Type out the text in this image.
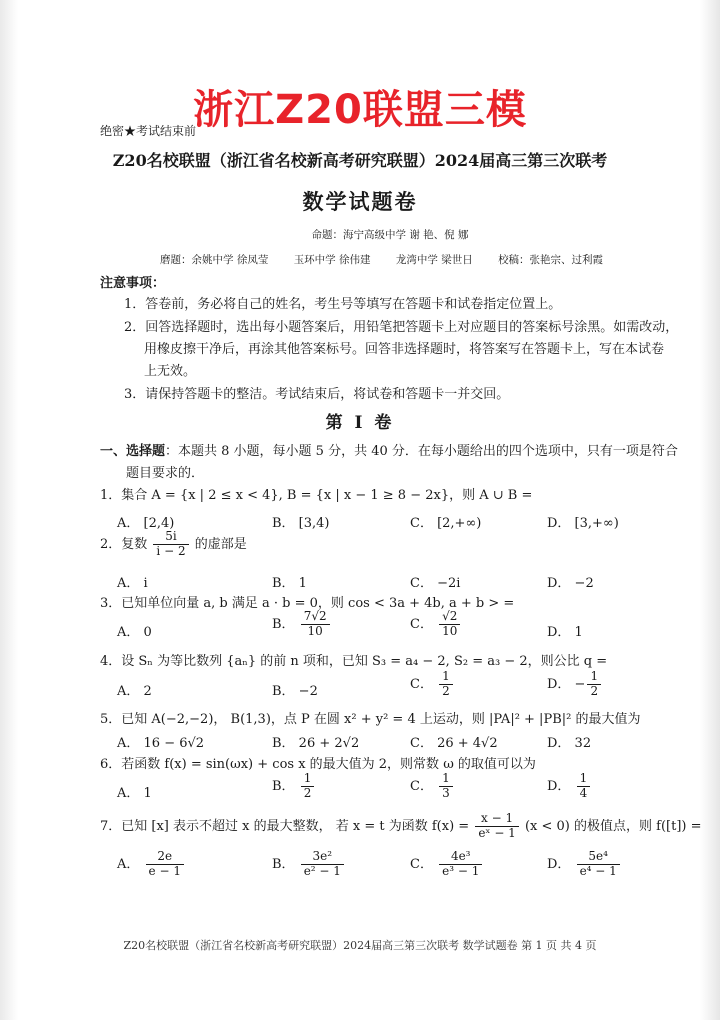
浙江Z20联盟三模
绝密★考试结束前
Z20名校联盟（浙江省名校新高考研究联盟）2024届高三第三次联考
数学试题卷
命题：海宁高级中学 谢 艳、倪 娜
磨题：余姚中学 徐凤莹 玉环中学 徐伟建 龙湾中学 梁世日 校稿：张艳宗、过利霞
注意事项：
1．答卷前，务必将自己的姓名，考生号等填写在答题卡和试卷指定位置上。
2．回答选择题时，选出每小题答案后，用铅笔把答题卡上对应题目的答案标号涂黑。如需改动，
用橡皮擦干净后，再涂其他答案标号。回答非选择题时，将答案写在答题卡上，写在本试卷
上无效。
3．请保持答题卡的整洁。考试结束后，将试卷和答题卡一并交回。
第 I 卷
一、选择题：本题共 8 小题，每小题 5 分，共 40 分．在每小题给出的四个选项中，只有一项是符合
题目要求的．
1．集合 A = {x | 2 ≤ x < 4}, B = {x | x − 1 ≥ 8 − 2x}，则 A ∪ B =
A． [2,4)	B． [3,4)	C． [2,+∞)	D． [3,+∞)
2．复数 $\frac{5i}{i - 2}$ 的虚部是
A． i	B． 1	C． −2i	D． −2
3．已知单位向量 a, b 满足 a · b = 0，则 cos < 3a + 4b, a + b > =
A． 0
B． $\frac{7√2}{10}$	C． $\frac{√2}{10}$	D． 1
4．设 Sₙ 为等比数列 {aₙ} 的前 n 项和，已知 S₃ = a₄ − 2, S₂ = a₃ − 2，则公比 q =
A． 2	B． −2	C． $\frac{1}{2}$	D． − $\frac{1}{2}$
5．已知 A(−2,−2)， B(1,3)，点 P 在圆 x² + y² = 4 上运动，则 |PA|² + |PB|² 的最大值为
A． 16 − 6√2	B． 26 + 2√2	C． 26 + 4√2	D． 32
6．若函数 f(x) = sin(ωx) + cos x 的最大值为 2，则常数 ω 的取值可以为
A． 1	B． $\frac{1}{2}$	C． $\frac{1}{3}$	D． $\frac{1}{4}$
7．已知 [x] 表示不超过 x 的最大整数， 若 x = t 为函数 $f(x) = \frac{x - 1}{\text{eˣ − 1}} (x < 0)$ 的极值点，则 f([t]) =
A． $\frac{2e}{e - 1}$	B． $\frac{\text{3e²}}{\text{e² − 1}}$	C． $\frac{\text{4e³}}{\text{e³ − 1}}$	D． $\frac{\text{5e⁴}}{\text{e⁴ − 1}}$
Z20名校联盟（浙江省名校新高考研究联盟）2024届高三第三次联考 数学试题卷 第 1 页 共 4 页
